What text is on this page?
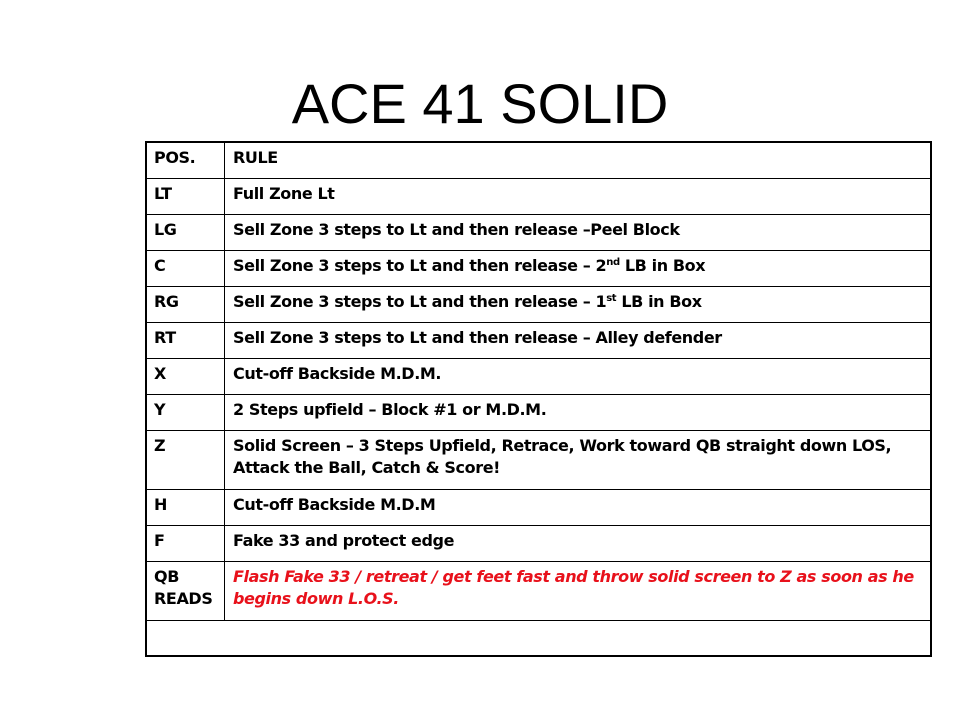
ACE 41 SOLID
POS.	RULE
LT	Full Zone Lt
LG	Sell Zone 3 steps to Lt and then release –Peel Block
C	Sell Zone 3 steps to Lt and then release – 2nd LB in Box
RG	Sell Zone 3 steps to Lt and then release – 1st LB in Box
RT	Sell Zone 3 steps to Lt and then release – Alley defender
X	Cut-off Backside M.D.M.
Y	2 Steps upfield – Block #1 or M.D.M.
Z	Solid Screen – 3 Steps Upfield, Retrace, Work toward QB straight down LOS, Attack the Ball, Catch & Score!
H	Cut-off Backside M.D.M
F	Fake 33 and protect edge
QB READS	Flash Fake 33 / retreat / get feet fast and throw solid screen to Z as soon as he begins down L.O.S.
